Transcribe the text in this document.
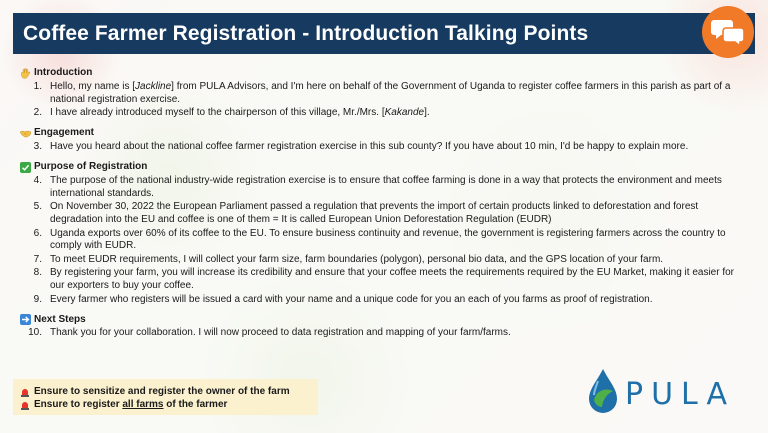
Coffee Farmer Registration - Introduction Talking Points
Introduction
1. Hello, my name is [Jackline] from PULA Advisors, and I'm here on behalf of the Government of Uganda to register coffee farmers in this parish as part of a national registration exercise.
2. I have already introduced myself to the chairperson of this village, Mr./Mrs. [Kakande].
Engagement
3. Have you heard about the national coffee farmer registration exercise in this sub county? If you have about 10 min, I'd be happy to explain more.
Purpose of Registration
4. The purpose of the national industry-wide registration exercise is to ensure that coffee farming is done in a way that protects the environment and meets international standards.
5. On November 30, 2022 the European Parliament passed a regulation that prevents the import of certain products linked to deforestation and forest degradation into the EU and coffee is one of them = It is called European Union Deforestation Regulation (EUDR)
6. Uganda exports over 60% of its coffee to the EU. To ensure business continuity and revenue, the government is registering farmers across the country to comply with EUDR.
7. To meet EUDR requirements, I will collect your farm size, farm boundaries (polygon), personal bio data, and the GPS location of your farm.
8. By registering your farm, you will increase its credibility and ensure that your coffee meets the requirements required by the EU Market, making it easier for our exporters to buy your coffee.
9. Every farmer who registers will be issued a card with your name and a unique code for you an each of you farms as proof of registration.
Next Steps
10. Thank you for your collaboration. I will now proceed to data registration and mapping of your farm/farms.
Ensure to sensitize and register the owner of the farm
Ensure to register all farms of the farmer	PULA
